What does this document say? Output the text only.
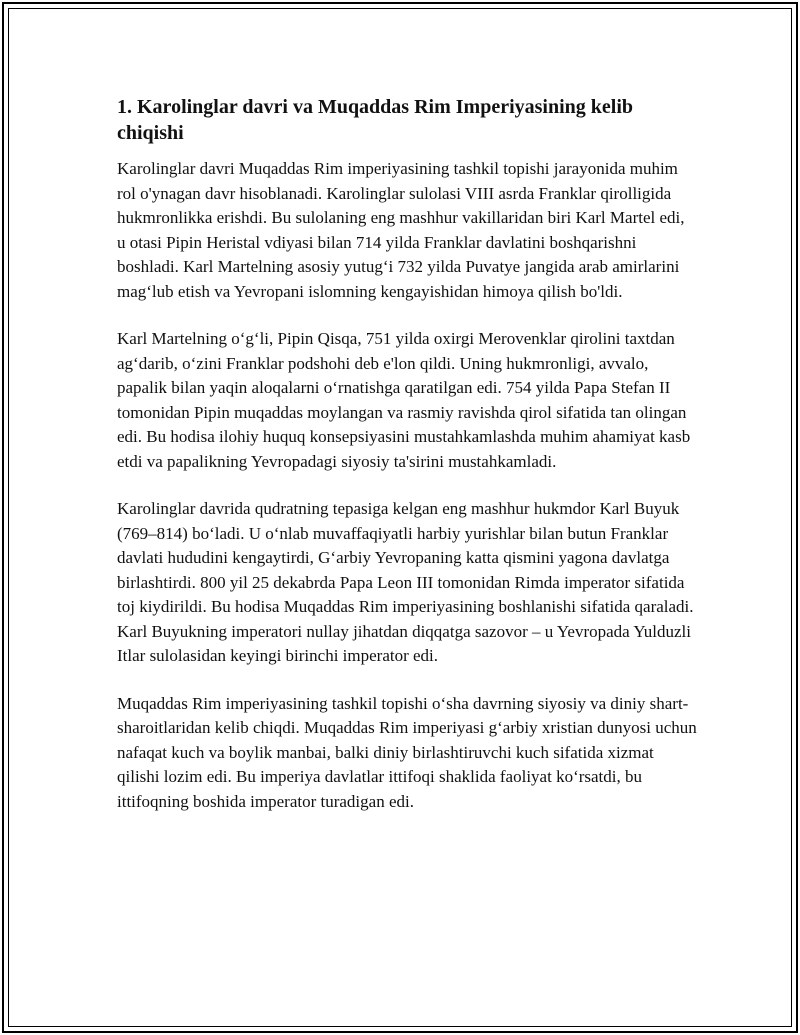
1. Karolinglar davri va Muqaddas Rim Imperiyasining kelib chiqishi

Karolinglar davri Muqaddas Rim imperiyasining tashkil topishi jarayonida muhim rol o'ynagan davr hisoblanadi. Karolinglar sulolasi VIII asrda Franklar qirolligida hukmronlikka erishdi. Bu sulolaning eng mashhur vakillaridan biri Karl Martel edi, u otasi Pipin Heristal vdiyasi bilan 714 yilda Franklar davlatini boshqarishni boshladi. Karl Martelning asosiy yutug‘i 732 yilda Puvatye jangida arab amirlarini mag‘lub etish va Yevropani islomning kengayishidan himoya qilish bo'ldi.

Karl Martelning o‘g‘li, Pipin Qisqa, 751 yilda oxirgi Merovenklar qirolini taxtdan ag‘darib, o‘zini Franklar podshohi deb e'lon qildi. Uning hukmronligi, avvalo, papalik bilan yaqin aloqalarni o‘rnatishga qaratilgan edi. 754 yilda Papa Stefan II tomonidan Pipin muqaddas moylangan va rasmiy ravishda qirol sifatida tan olingan edi. Bu hodisa ilohiy huquq konsepsiyasini mustahkamlashda muhim ahamiyat kasb etdi va papalikning Yevropadagi siyosiy ta'sirini mustahkamladi.

Karolinglar davrida qudratning tepasiga kelgan eng mashhur hukmdor Karl Buyuk (769–814) bo‘ladi. U o‘nlab muvaffaqiyatli harbiy yurishlar bilan butun Franklar davlati hududini kengaytirdi, G‘arbiy Yevropaning katta qismini yagona davlatga birlashtirdi. 800 yil 25 dekabrda Papa Leon III tomonidan Rimda imperator sifatida toj kiydirildi. Bu hodisa Muqaddas Rim imperiyasining boshlanishi sifatida qaraladi. Karl Buyukning imperatori nullay jihatdan diqqatga sazovor – u Yevropada Yulduzli Itlar sulolasidan keyingi birinchi imperator edi.

Muqaddas Rim imperiyasining tashkil topishi o‘sha davrning siyosiy va diniy shart-sharoitlaridan kelib chiqdi. Muqaddas Rim imperiyasi g‘arbiy xristian dunyosi uchun nafaqat kuch va boylik manbai, balki diniy birlashtiruvchi kuch sifatida xizmat qilishi lozim edi. Bu imperiya davlatlar ittifoqi shaklida faoliyat ko‘rsatdi, bu ittifoqning boshida imperator turadigan edi.
